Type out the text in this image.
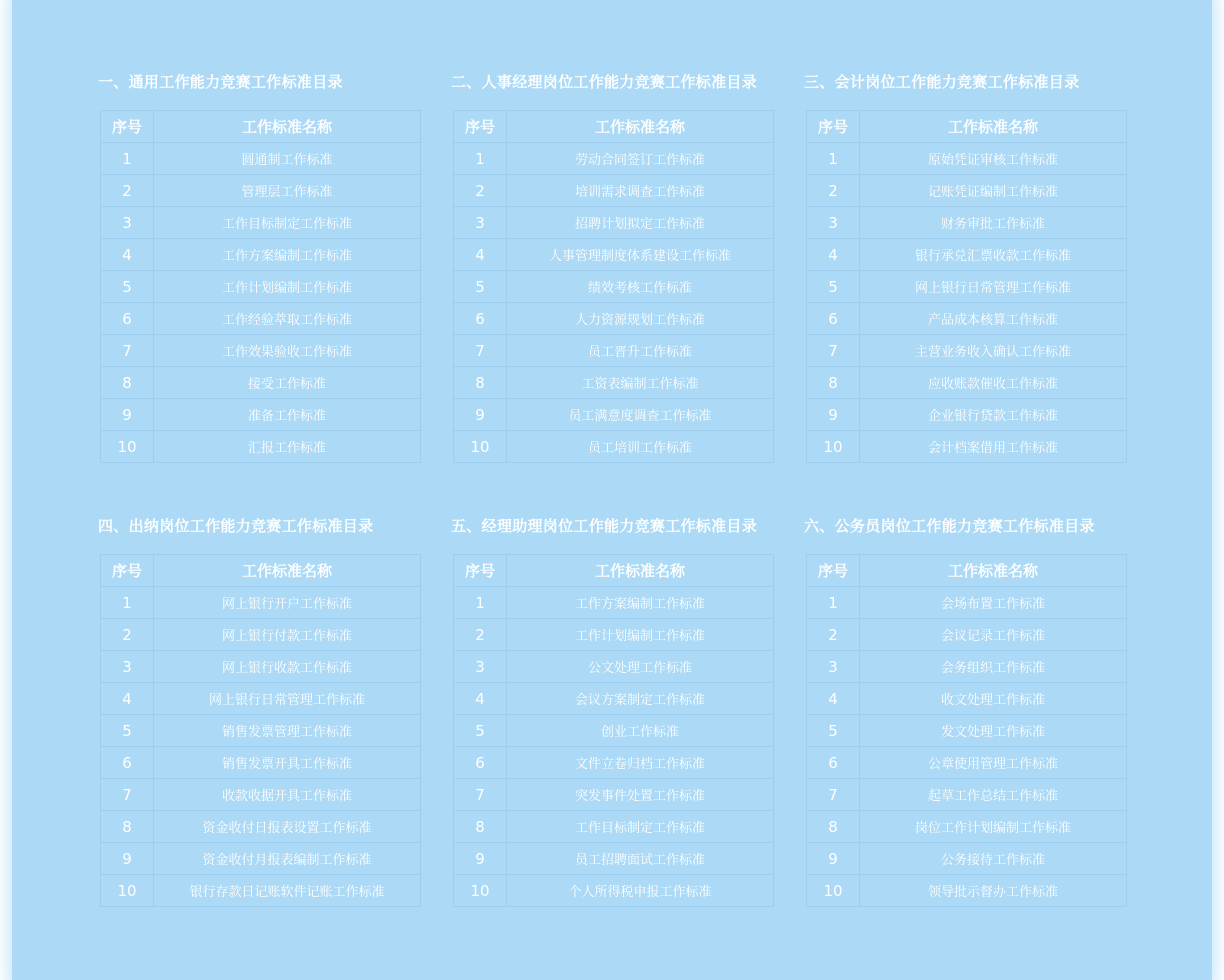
一、通用工作能力竞赛工作标准目录
序号	工作标准名称
1	圆通制工作标准
2	管理层工作标准
3	工作目标制定工作标准
4	工作方案编制工作标准
5	工作计划编制工作标准
6	工作经验萃取工作标准
7	工作效果验收工作标准
8	接受工作标准
9	准备工作标准
10	汇报工作标准
二、人事经理岗位工作能力竞赛工作标准目录
序号	工作标准名称
1	劳动合同签订工作标准
2	培训需求调查工作标准
3	招聘计划拟定工作标准
4	人事管理制度体系建设工作标准
5	绩效考核工作标准
6	人力资源规划工作标准
7	员工晋升工作标准
8	工资表编制工作标准
9	员工满意度调查工作标准
10	员工培训工作标准
三、会计岗位工作能力竞赛工作标准目录
序号	工作标准名称
1	原始凭证审核工作标准
2	记账凭证编制工作标准
3	财务审批工作标准
4	银行承兑汇票收款工作标准
5	网上银行日常管理工作标准
6	产品成本核算工作标准
7	主营业务收入确认工作标准
8	应收账款催收工作标准
9	企业银行贷款工作标准
10	会计档案借用工作标准
四、出纳岗位工作能力竞赛工作标准目录
序号	工作标准名称
1	网上银行开户工作标准
2	网上银行付款工作标准
3	网上银行收款工作标准
4	网上银行日常管理工作标准
5	销售发票管理工作标准
6	销售发票开具工作标准
7	收款收据开具工作标准
8	资金收付日报表设置工作标准
9	资金收付月报表编制工作标准
10	银行存款日记账软件记账工作标准
五、经理助理岗位工作能力竞赛工作标准目录
序号	工作标准名称
1	工作方案编制工作标准
2	工作计划编制工作标准
3	公文处理工作标准
4	会议方案制定工作标准
5	创业工作标准
6	文件立卷归档工作标准
7	突发事件处置工作标准
8	工作目标制定工作标准
9	员工招聘面试工作标准
10	个人所得税申报工作标准
六、公务员岗位工作能力竞赛工作标准目录
序号	工作标准名称
1	会场布置工作标准
2	会议记录工作标准
3	会务组织工作标准
4	收文处理工作标准
5	发文处理工作标准
6	公章使用管理工作标准
7	起草工作总结工作标准
8	岗位工作计划编制工作标准
9	公务接待工作标准
10	领导批示督办工作标准
